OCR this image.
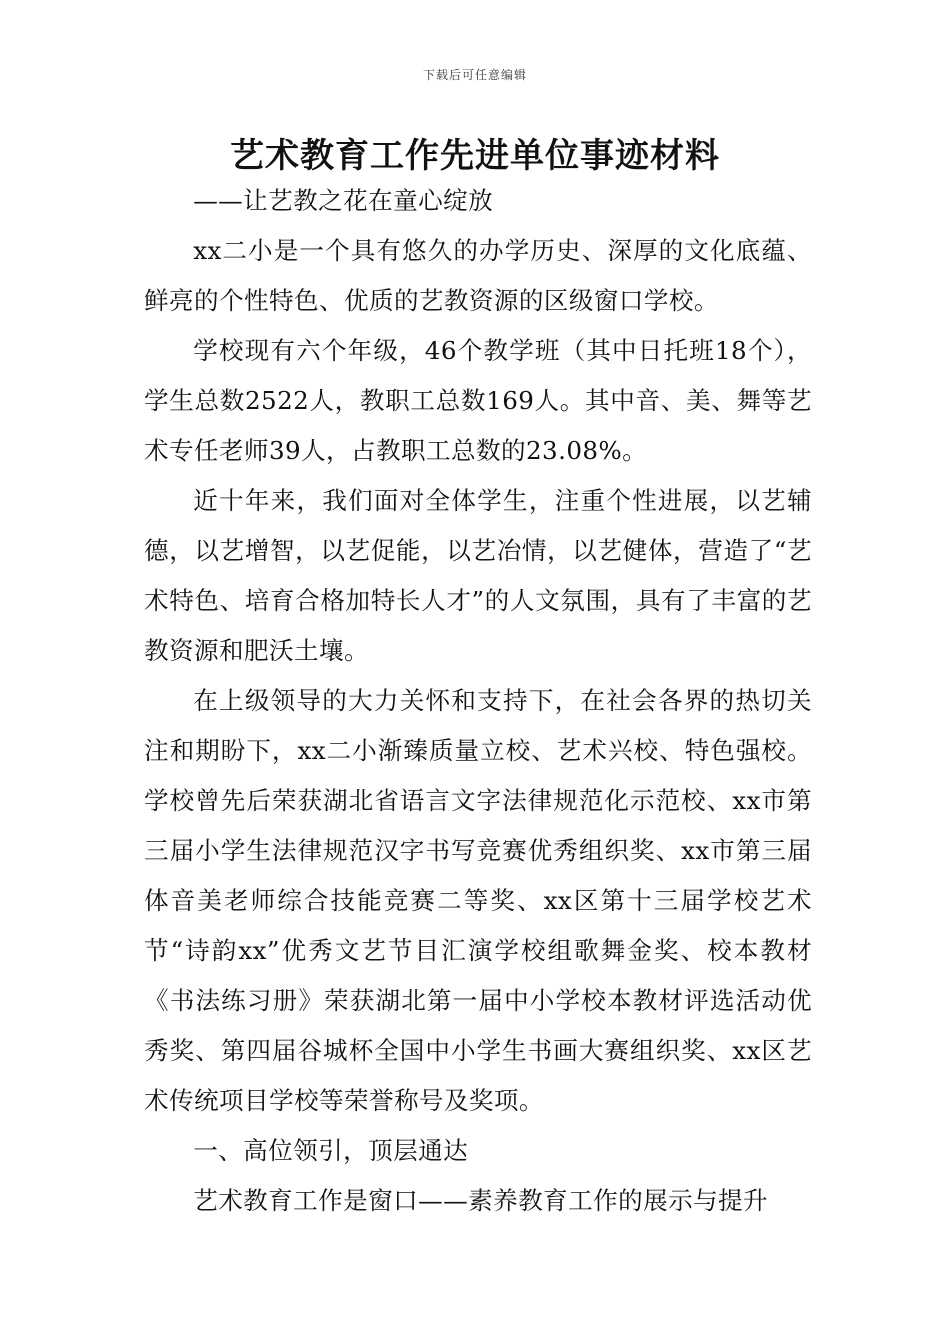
下载后可任意编辑
艺术教育工作先进单位事迹材料

——让艺教之花在童心绽放

xx二小是一个具有悠久的办学历史、深厚的文化底蕴、鲜亮的个性特色、优质的艺教资源的区级窗口学校。

学校现有六个年级，46个教学班（其中日托班18个），学生总数2522人，教职工总数169人。其中音、美、舞等艺术专任老师39人，占教职工总数的23.08%。

近十年来，我们面对全体学生，注重个性进展，以艺辅德，以艺增智，以艺促能，以艺冶情，以艺健体，营造了“艺术特色、培育合格加特长人才”的人文氛围，具有了丰富的艺教资源和肥沃土壤。

在上级领导的大力关怀和支持下，在社会各界的热切关注和期盼下，xx二小渐臻质量立校、艺术兴校、特色强校。学校曾先后荣获湖北省语言文字法律规范化示范校、xx市第三届小学生法律规范汉字书写竞赛优秀组织奖、xx市第三届体音美老师综合技能竞赛二等奖、xx区第十三届学校艺术节“诗韵xx”优秀文艺节目汇演学校组歌舞金奖、校本教材《书法练习册》荣获湖北第一届中小学校本教材评选活动优秀奖、第四届谷城杯全国中小学生书画大赛组织奖、xx区艺术传统项目学校等荣誉称号及奖项。

一、高位领引，顶层通达

艺术教育工作是窗口——素养教育工作的展示与提升
